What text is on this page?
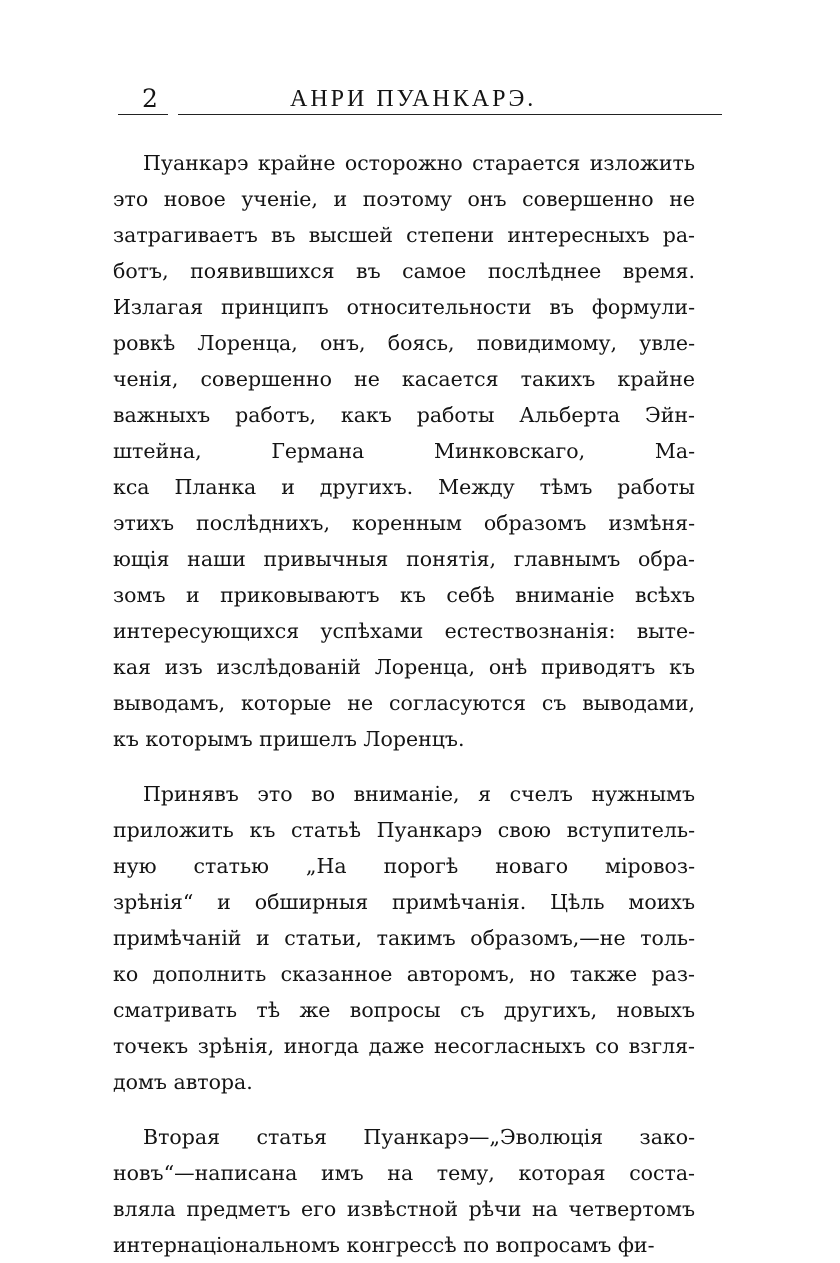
2	АНРИ ПУАНКАРЭ.
Пуанкарэ крайне осторожно старается изложить
это новое ученіе, и поэтому онъ совершенно не
затрагиваетъ въ высшей степени интересныхъ ра-
ботъ, появившихся въ самое послѣднее время.
Излагая принципъ относительности въ формули-
ровкѣ Лоренца, онъ, боясь, повидимому, увле-
ченія, совершенно не касается такихъ крайне
важныхъ работъ, какъ работы Альберта Эйн-
штейна, Германа Минковскаго, Ма-
кса Планка и другихъ. Между тѣмъ работы
этихъ послѣднихъ, коренным образомъ измѣня-
ющія наши привычныя понятія, главнымъ обра-
зомъ и приковываютъ къ себѣ вниманіе всѣхъ
интересующихся успѣхами естествознанія: выте-
кая изъ изслѣдованій Лоренца, онѣ приводятъ къ
выводамъ, которые не согласуются съ выводами,
къ которымъ пришелъ Лоренцъ.
Принявъ это во вниманіе, я счелъ нужнымъ
приложить къ статьѣ Пуанкарэ свою вступитель-
ную статью „На порогѣ новаго міровоз-
зрѣнія“ и обширныя примѣчанія. Цѣль моихъ
примѣчаній и статьи, такимъ образомъ,—не толь-
ко дополнить сказанное авторомъ, но также раз-
сматривать тѣ же вопросы съ другихъ, новыхъ
точекъ зрѣнія, иногда даже несогласныхъ со взгля-
домъ автора.
Вторая статья Пуанкарэ—„Эволюція зако-
новъ“—написана имъ на тему, которая соста-
вляла предметъ его извѣстной рѣчи на четвертомъ
интернаціональномъ конгрессѣ по вопросамъ фи-
